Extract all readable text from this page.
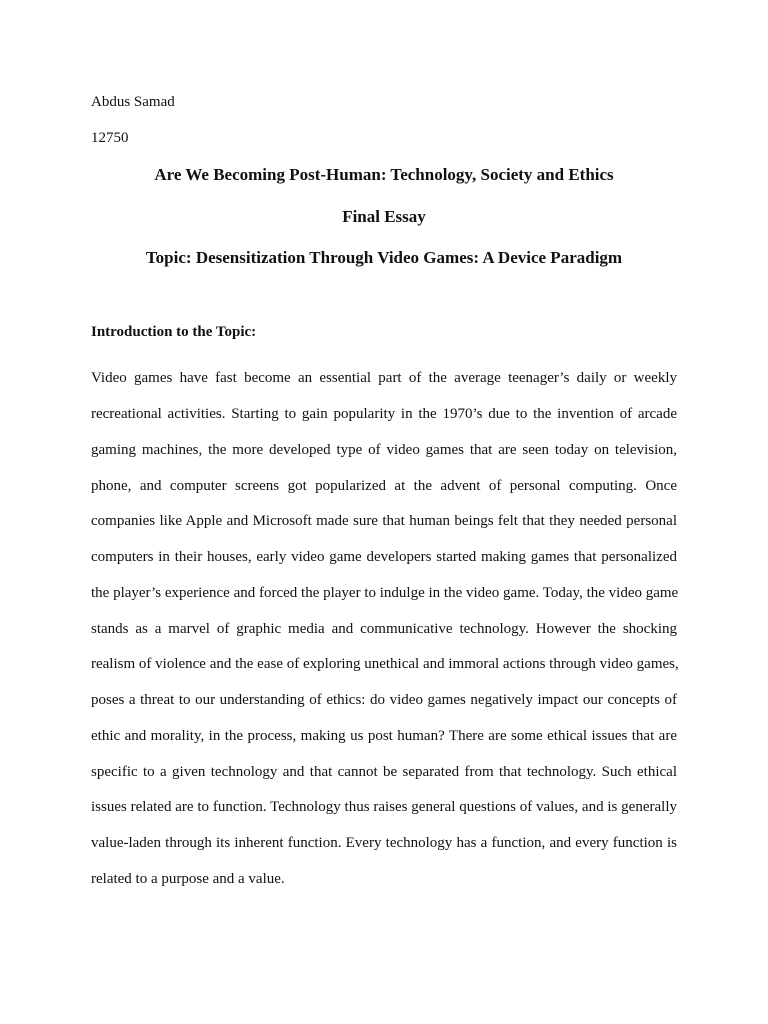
Abdus Samad
12750
Are We Becoming Post-Human: Technology, Society and Ethics
Final Essay
Topic: Desensitization Through Video Games: A Device Paradigm
Introduction to the Topic:
Video games have fast become an essential part of the average teenager’s daily or weekly
recreational activities. Starting to gain popularity in the 1970’s due to the invention of arcade
gaming machines, the more developed type of video games that are seen today on television,
phone, and computer screens got popularized at the advent of personal computing. Once
companies like Apple and Microsoft made sure that human beings felt that they needed personal
computers in their houses, early video game developers started making games that personalized
the player’s experience and forced the player to indulge in the video game. Today, the video game
stands as a marvel of graphic media and communicative technology. However the shocking
realism of violence and the ease of exploring unethical and immoral actions through video games,
poses a threat to our understanding of ethics: do video games negatively impact our concepts of
ethic and morality, in the process, making us post human? There are some ethical issues that are
specific to a given technology and that cannot be separated from that technology. Such ethical
issues related are to function. Technology thus raises general questions of values, and is generally
value-laden through its inherent function. Every technology has a function, and every function is
related to a purpose and a value.
